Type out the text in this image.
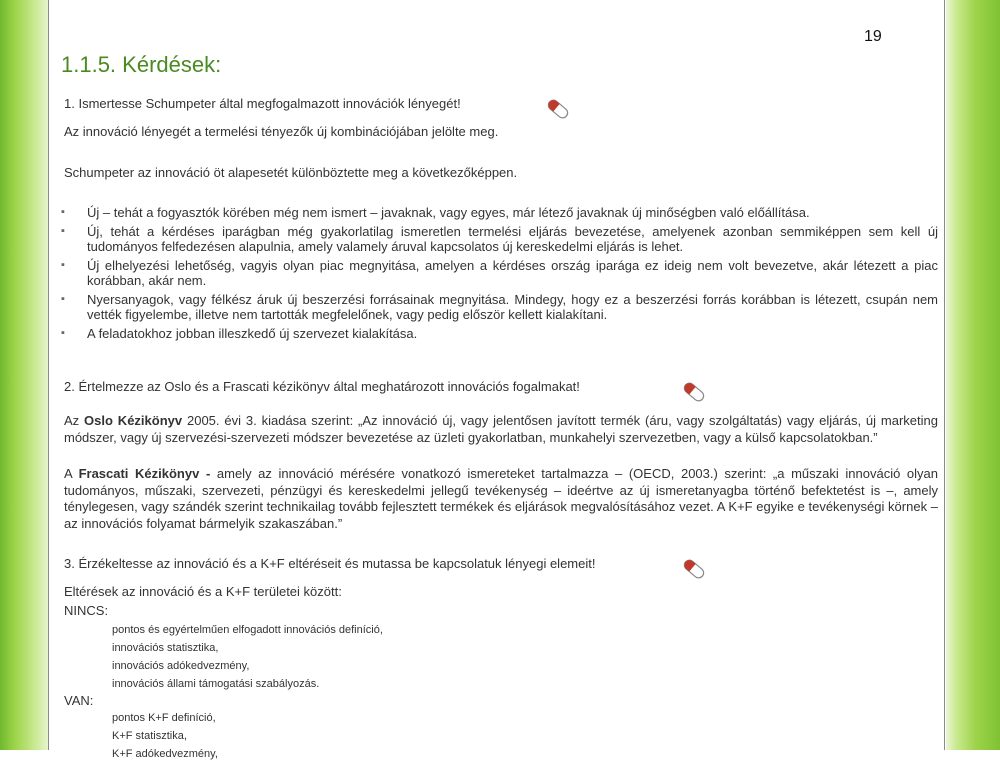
19
1.1.5. Kérdések:

1. Ismertesse Schumpeter által megfogalmazott innovációk lényegét!

Az innováció lényegét a termelési tényezők új kombinációjában jelölte meg.

Schumpeter az innováció öt alapesetét különböztette meg a következőképpen.

▪ Új – tehát a fogyasztók körében még nem ismert – javaknak, vagy egyes, már létező javaknak új minőségben való előállítása.
▪ Új, tehát a kérdéses iparágban még gyakorlatilag ismeretlen termelési eljárás bevezetése, amelyenek azonban semmiképpen sem kell új tudományos felfedezésen alapulnia, amely valamely áruval kapcsolatos új kereskedelmi eljárás is lehet.
▪ Új elhelyezési lehetőség, vagyis olyan piac megnyitása, amelyen a kérdéses ország iparága ez ideig nem volt bevezetve, akár létezett a piac korábban, akár nem.
▪ Nyersanyagok, vagy félkész áruk új beszerzési forrásainak megnyitása. Mindegy, hogy ez a beszerzési forrás korábban is létezett, csupán nem vették figyelembe, illetve nem tartották megfelelőnek, vagy pedig először kellett kialakítani.
▪ A feladatokhoz jobban illeszkedő új szervezet kialakítása.

2. Értelmezze az Oslo és a Frascati kézikönyv által meghatározott innovációs fogalmakat!

Az Oslo Kézikönyv 2005. évi 3. kiadása szerint: „Az innováció új, vagy jelentősen javított termék (áru, vagy szolgáltatás) vagy eljárás, új marketing módszer, vagy új szervezési-szervezeti módszer bevezetése az üzleti gyakorlatban, munkahelyi szervezetben, vagy a külső kapcsolatokban.”

A Frascati Kézikönyv - amely az innováció mérésére vonatkozó ismereteket tartalmazza – (OECD, 2003.) szerint: „a műszaki innováció olyan tudományos, műszaki, szervezeti, pénzügyi és kereskedelmi jellegű tevékenység – ideértve az új ismeretanyagba történő befektetést is –, amely ténylegesen, vagy szándék szerint technikailag tovább fejlesztett termékek és eljárások megvalósításához vezet. A K+F egyike e tevékenységi körnek – az innovációs folyamat bármelyik szakaszában.”

3. Érzékeltesse az innováció és a K+F eltéréseit és mutassa be kapcsolatuk lényegi elemeit!

Eltérések az innováció és a K+F területei között:

NINCS:

pontos és egyértelműen elfogadott innovációs definíció,
innovációs statisztika,
innovációs adókedvezmény,
innovációs állami támogatási szabályozás.

VAN:

pontos K+F definíció,
K+F statisztika,
K+F adókedvezmény,
